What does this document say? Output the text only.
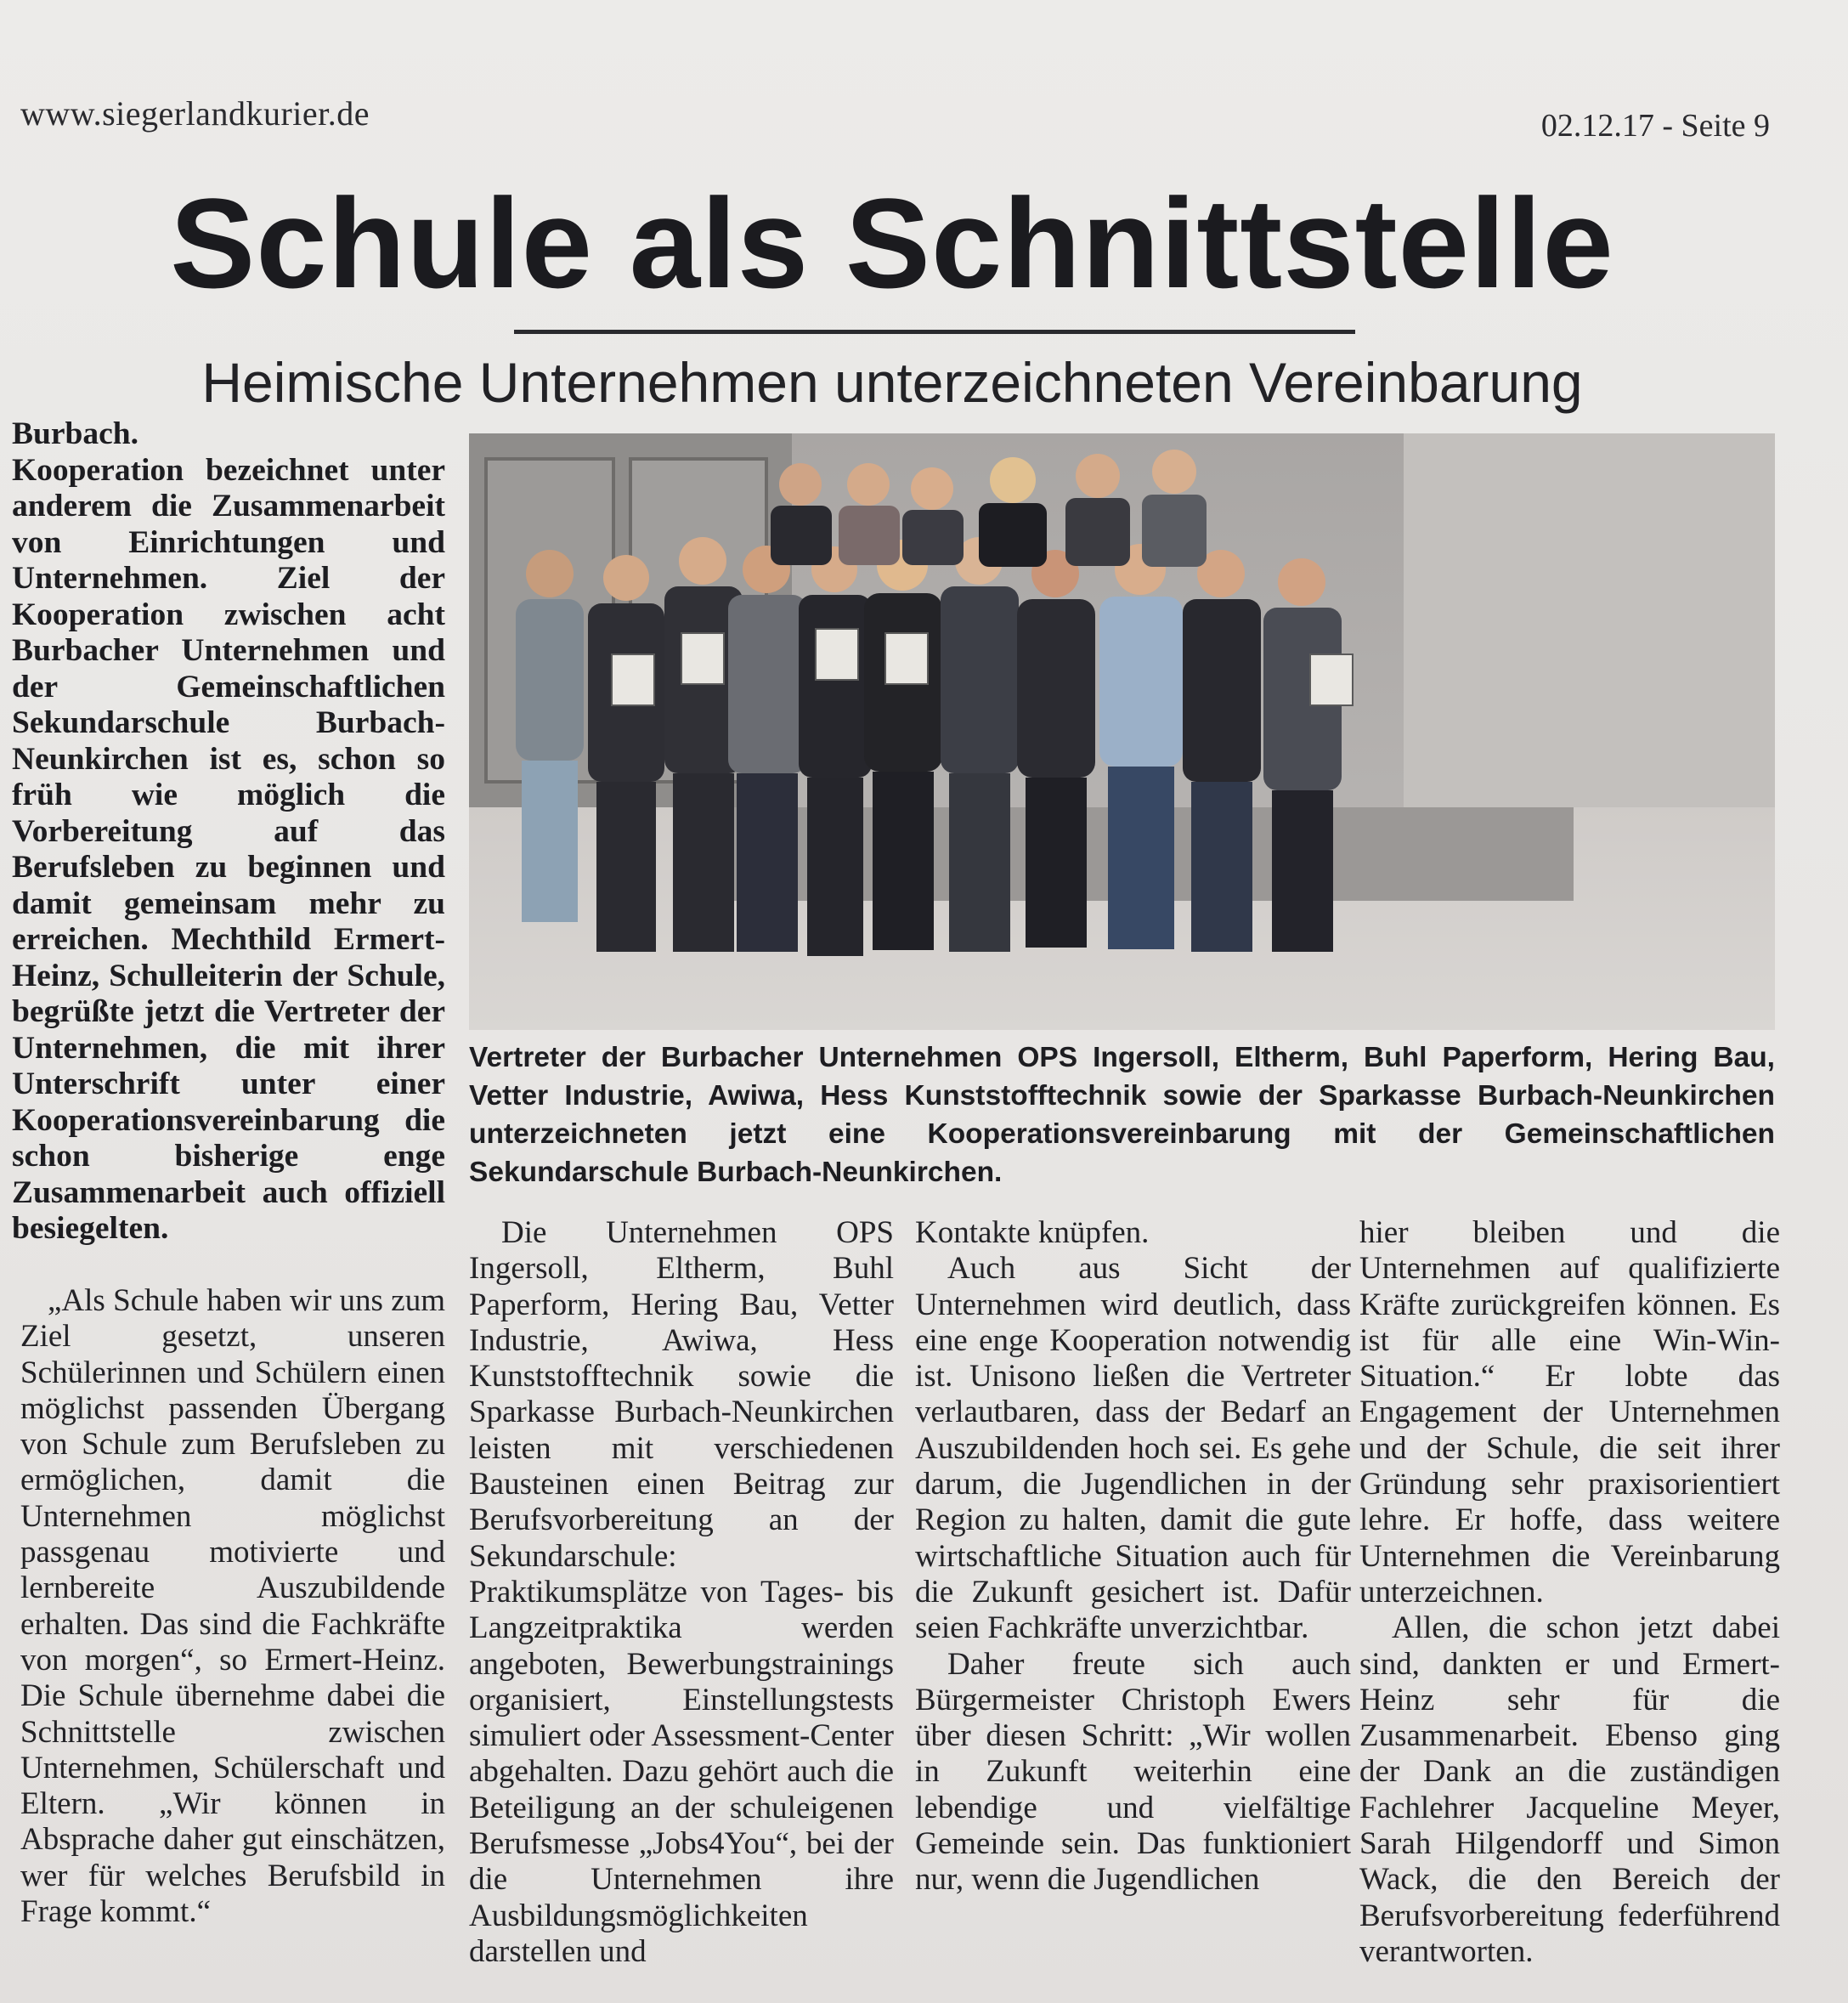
www.siegerlandkurier.de	02.12.17 - Seite 9
Schule als Schnittstelle
Heimische Unternehmen unterzeichneten Vereinbarung
Burbach.
Kooperation bezeichnet unter anderem die Zusammenarbeit von Einrichtungen und Unternehmen. Ziel der Kooperation zwischen acht Burbacher Unternehmen und der Gemeinschaftlichen Sekundarschule Burbach-Neunkirchen ist es, schon so früh wie möglich die Vorbereitung auf das Berufsleben zu beginnen und damit gemeinsam mehr zu erreichen. Mechthild Ermert-Heinz, Schulleiterin der Schule, begrüßte jetzt die Vertreter der Unternehmen, die mit ihrer Unterschrift unter einer Kooperationsvereinbarung die schon bisherige enge Zusammenarbeit auch offiziell besiegelten.
Vertreter der Burbacher Unternehmen OPS Ingersoll, Eltherm, Buhl Paperform, Hering Bau, Vetter Industrie, Awiwa, Hess Kunststofftechnik sowie der Sparkasse Burbach-Neunkirchen unterzeichneten jetzt eine Kooperationsvereinbarung mit der Gemeinschaftlichen Sekundarschule Burbach-Neunkirchen.

„Als Schule haben wir uns zum Ziel gesetzt, unseren Schülerinnen und Schülern einen möglichst passenden Übergang von Schule zum Berufsleben zu ermöglichen, damit die Unternehmen möglichst passgenau motivierte und lernbereite Auszubildende erhalten. Das sind die Fachkräfte von morgen“, so Ermert-Heinz. Die Schule übernehme dabei die Schnittstelle zwischen Unternehmen, Schülerschaft und Eltern. „Wir können in Absprache daher gut einschätzen, wer für welches Berufsbild in Frage kommt.“

Die Unternehmen OPS Ingersoll, Eltherm, Buhl Paperform, Hering Bau, Vetter Industrie, Awiwa, Hess Kunststofftechnik sowie die Sparkasse Burbach-Neunkirchen leisten mit verschiedenen Bausteinen einen Beitrag zur Berufsvorbereitung an der Sekundarschule: Praktikumsplätze von Tages- bis Langzeitpraktika werden angeboten, Bewerbungstrainings organisiert, Einstellungstests simuliert oder Assessment-Center abgehalten. Dazu gehört auch die Beteiligung an der schuleigenen Berufsmesse „Jobs4You“, bei der die Unternehmen ihre Ausbildungsmöglichkeiten darstellen und

Kontakte knüpfen.

Auch aus Sicht der Unternehmen wird deutlich, dass eine enge Kooperation notwendig ist. Unisono ließen die Vertreter verlautbaren, dass der Bedarf an Auszubildenden hoch sei. Es gehe darum, die Jugendlichen in der Region zu halten, damit die gute wirtschaftliche Situation auch für die Zukunft gesichert ist. Dafür seien Fachkräfte unverzichtbar.

Daher freute sich auch Bürgermeister Christoph Ewers über diesen Schritt: „Wir wollen in Zukunft weiterhin eine lebendige und vielfältige Gemeinde sein. Das funktioniert nur, wenn die Jugendlichen

hier bleiben und die Unternehmen auf qualifizierte Kräfte zurückgreifen können. Es ist für alle eine Win-Win-Situation.“ Er lobte das Engagement der Unternehmen und der Schule, die seit ihrer Gründung sehr praxisorientiert lehre. Er hoffe, dass weitere Unternehmen die Vereinbarung unterzeichnen.

Allen, die schon jetzt dabei sind, dankten er und Ermert-Heinz sehr für die Zusammenarbeit. Ebenso ging der Dank an die zuständigen Fachlehrer Jacqueline Meyer, Sarah Hilgendorff und Simon Wack, die den Bereich der Berufsvorbereitung federführend verantworten.
